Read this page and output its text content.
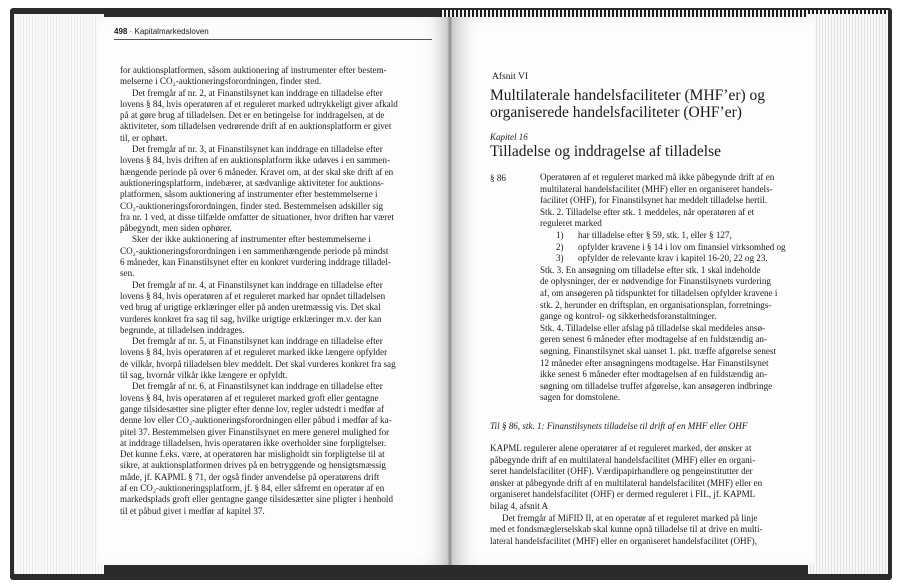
498 · Kapitalmarkedsloven
for auktionsplatformen, såsom auktionering af instrumenter efter bestem-
melserne i CO₂-auktioneringsforordningen, finder sted.
Det fremgår af nr. 2, at Finanstilsynet kan inddrage en tilladelse efter
lovens § 84, hvis operatøren af et reguleret marked udtrykkeligt giver afkald
på at gøre brug af tilladelsen. Det er en betingelse for inddragelsen, at de
aktiviteter, som tilladelsen vedrørende drift af en auktionsplatform er givet
til, er ophørt.
Det fremgår af nr. 3, at Finanstilsynet kan inddrage en tilladelse efter
lovens § 84, hvis driften af en auktionsplatform ikke udøves i en sammen-
hængende periode på over 6 måneder. Kravet om, at der skal ske drift af en
auktioneringsplatform, indebærer, at sædvanlige aktiviteter for auktions-
platformen, såsom auktionering af instrumenter efter bestemmelserne i
CO₂-auktioneringsforordningen, finder sted. Bestemmelsen adskiller sig
fra nr. 1 ved, at disse tilfælde omfatter de situationer, hvor driften har været
påbegyndt, men siden ophører.
Sker der ikke auktionering af instrumenter efter bestemmelserne i
CO₂-auktioneringsforordningen i en sammenhængende periode på mindst
6 måneder, kan Finanstilsynet efter en konkret vurdering inddrage tilladel-
sen.
Det fremgår af nr. 4, at Finanstilsynet kan inddrage en tilladelse efter
lovens § 84, hvis operatøren af et reguleret marked har opnået tilladelsen
ved brug af urigtige erklæringer eller på anden uretmæssig vis. Det skal
vurderes konkret fra sag til sag, hvilke urigtige erklæringer m.v. der kan
begrunde, at tilladelsen inddrages.
Det fremgår af nr. 5, at Finanstilsynet kan inddrage en tilladelse efter
lovens § 84, hvis operatøren af et reguleret marked ikke længere opfylder
de vilkår, hvorpå tilladelsen blev meddelt. Det skal vurderes konkret fra sag
til sag, hvornår vilkår ikke længere er opfyldt.
Det fremgår af nr. 6, at Finanstilsynet kan inddrage en tilladelse efter
lovens § 84, hvis operatøren af et reguleret marked groft eller gentagne
gange tilsidesætter sine pligter efter denne lov, regler udstedt i medfør af
denne lov eller CO₂-auktioneringsforordningen eller påbud i medfør af ka-
pitel 37. Bestemmelsen giver Finanstilsynet en mere generel mulighed for
at inddrage tilladelsen, hvis operatøren ikke overholder sine forpligtelser.
Det kunne f.eks. være, at operatøren har misligholdt sin forpligtelse til at
sikre, at auktionsplatformen drives på en betryggende og hensigtsmæssig
måde, jf. KAPML § 71, der også finder anvendelse på operatørens drift
af en CO₂-auktioneringsplatform, jf. § 84, eller såfremt en operatør af en
markedsplads groft eller gentagne gange tilsidesætter sine pligter i henhold
til et påbud givet i medfør af kapitel 37.
Afsnit VI
Multilaterale handelsfaciliteter (MHF’er) og
organiserede handelsfaciliteter (OHF’er)
Kapitel 16
Tilladelse og inddragelse af tilladelse
§ 86	Operatøren af et reguleret marked må ikke påbegynde drift af en
multilateral handelsfacilitet (MHF) eller en organiseret handels-
facilitet (OHF), for Finanstilsynet har meddelt tilladelse hertil.
Stk. 2. Tilladelse efter stk. 1 meddeles, når operatøren af et
reguleret marked
1) har tilladelse efter § 59, stk. 1, eller § 127,
2) opfylder kravene i § 14 i lov om finansiel virksomhed og
3) opfylder de relevante krav i kapitel 16-20, 22 og 23.
Stk. 3. En ansøgning om tilladelse efter stk. 1 skal indeholde
de oplysninger, der er nødvendige for Finanstilsynets vurdering
af, om ansøgeren på tidspunktet for tilladelsen opfylder kravene i
stk. 2, herunder en driftsplan, en organisationsplan, forretnings-
gange og kontrol- og sikkerhedsforanstaltninger.
Stk. 4. Tilladelse eller afslag på tilladelse skal meddeles ansø-
geren senest 6 måneder efter modtagelse af en fuldstændig an-
søgning. Finanstilsynet skal uanset 1. pkt. træffe afgørelse senest
12 måneder efter ansøgningens modtagelse. Har Finanstilsynet
ikke senest 6 måneder efter modtagelsen af en fuldstændig an-
søgning om tilladelse truffet afgørelse, kan ansøgeren indbringe
sagen for domstolene.
Til § 86, stk. 1: Finanstilsynets tilladelse til drift af en MHF eller OHF
KAPML regulerer alene operatører af et reguleret marked, der ønsker at
påbegynde drift af en multilateral handelsfacilitet (MHF) eller en organi-
seret handelsfacilitet (OHF). Værdipapirhandlere og pengeinstitutter der
ønsker at påbegynde drift af en multilateral handelsfacilitet (MHF) eller en
organiseret handelsfacilitet (OHF) er dermed reguleret i FIL, jf. KAPML
bilag 4, afsnit A
Det fremgår af MiFID II, at en operatør af et reguleret marked på linje
med et fondsmæglerselskab skal kunne opnå tilladelse til at drive en multi-
lateral handelsfacilitet (MHF) eller en organiseret handelsfacilitet (OHF),
